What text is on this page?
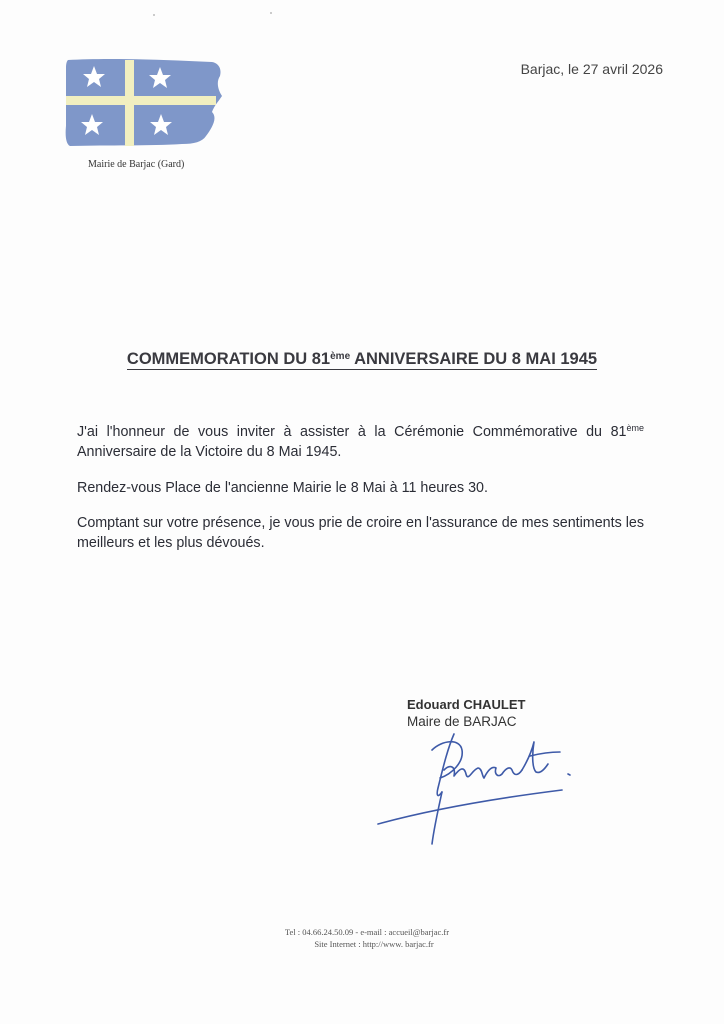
Mairie de Barjac (Gard)
Barjac, le 27 avril 2026
COMMEMORATION DU 81ème ANNIVERSAIRE DU 8 MAI 1945
J'ai l'honneur de vous inviter à assister à la Cérémonie Commémorative du 81ème Anniversaire de la Victoire du 8 Mai 1945.
Rendez-vous Place de l'ancienne Mairie le 8 Mai à 11 heures 30.
Comptant sur votre présence, je vous prie de croire en l'assurance de mes sentiments les meilleurs et les plus dévoués.
Edouard CHAULET
Maire de BARJAC
Tel : 04.66.24.50.09 - e-mail : accueil@barjac.fr
Site Internet : http://www. barjac.fr
